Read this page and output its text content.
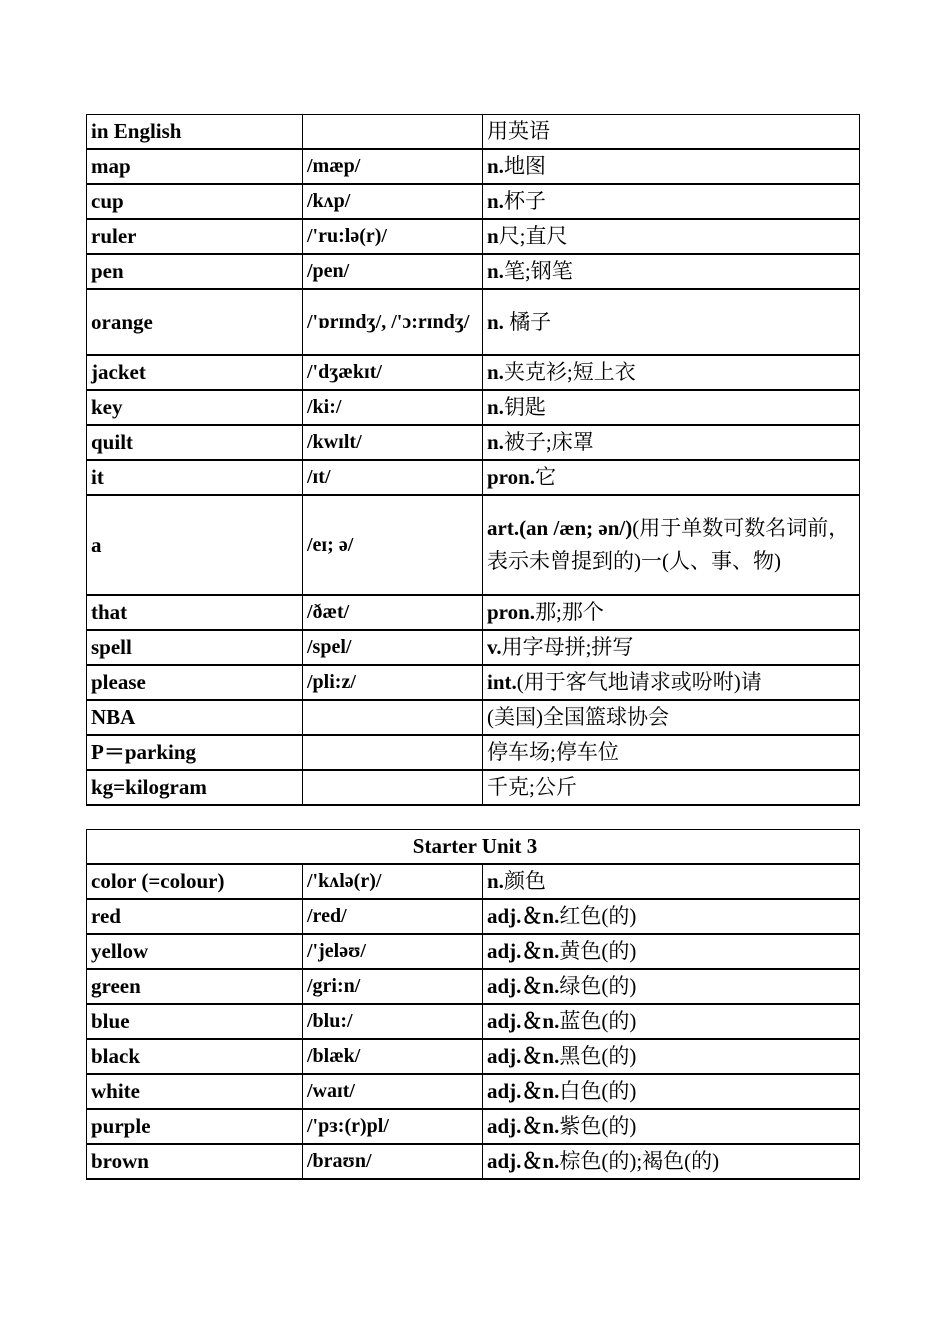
in English		用英语
map	/mæp/	n.地图
cup	/kʌp/	n.杯子
ruler	/'ru:lə(r)/	n尺;直尺
pen	/pen/	n.笔;钢笔
orange	/'ɒrɪndʒ/, /'ɔ:rɪndʒ/	n. 橘子
jacket	/'dʒækɪt/	n.夹克衫;短上衣
key	/ki:/	n.钥匙
quilt	/kwɪlt/	n.被子;床罩
it	/ɪt/	pron.它
a	/eɪ; ə/	art.(an /æn; ən/)(用于单数可数名词前，表示未曾提到的)一(人、事、物)
that	/ðæt/	pron.那;那个
spell	/spel/	v.用字母拼;拼写
please	/pli:z/	int.(用于客气地请求或吩咐)请
NBA		(美国)全国篮球协会
P＝parking		停车场;停车位
kg=kilogram		千克;公斤
Starter Unit 3		
color (=colour)	/'kʌlə(r)/	n.颜色
red	/red/	adj.＆n.红色(的)
yellow	/'jeləʊ/	adj.＆n.黄色(的)
green	/gri:n/	adj.＆n.绿色(的)
blue	/blu:/	adj.＆n.蓝色(的)
black	/blæk/	adj.＆n.黑色(的)
white	/waɪt/	adj.＆n.白色(的)
purple	/'pɜ:(r)pl/	adj.＆n.紫色(的)
brown	/braʊn/	adj.＆n.棕色(的);褐色(的)
